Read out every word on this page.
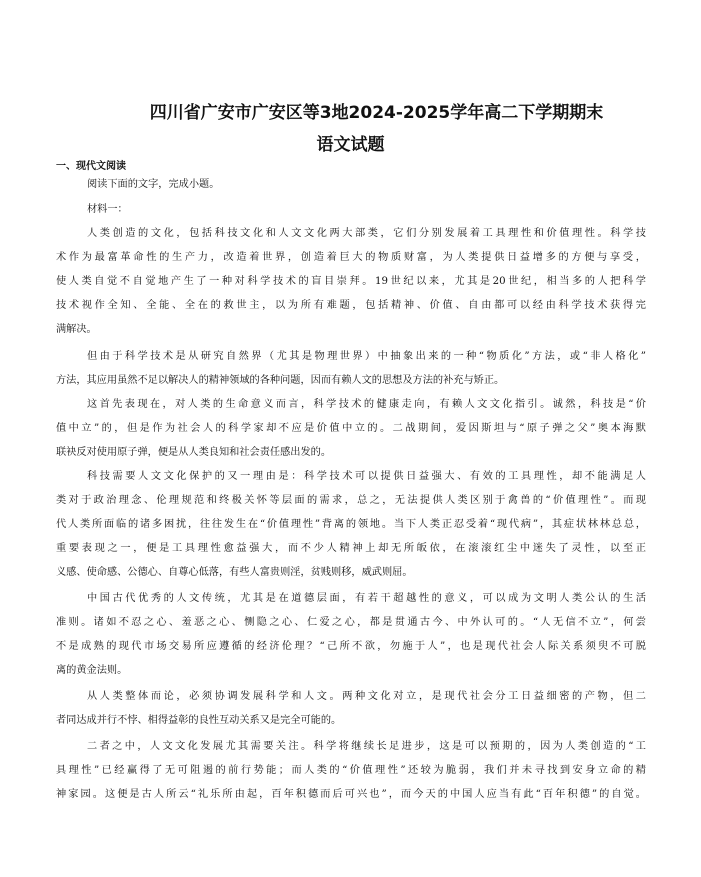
四川省广安市广安区等3地2024-2025学年高二下学期期末
语文试题
一、现代文阅读
阅读下面的文字，完成小题。
材料一：
人类创造的文化，包括科技文化和人文文化两大部类，它们分别发展着工具理性和价值理性。科学技
术作为最富革命性的生产力，改造着世界，创造着巨大的物质财富，为人类提供日益增多的方便与享受，
使人类自觉不自觉地产生了一种对科学技术的盲目崇拜。19世纪以来，尤其是20世纪，相当多的人把科学
技术视作全知、全能、全在的救世主，以为所有难题，包括精神、价值、自由都可以经由科学技术获得完
满解决。
但由于科学技术是从研究自然界（尤其是物理世界）中抽象出来的一种“物质化”方法，或“非人格化”
方法，其应用虽然不足以解决人的精神领域的各种问题，因而有赖人文的思想及方法的补充与矫正。
这首先表现在，对人类的生命意义而言，科学技术的健康走向，有赖人文文化指引。诚然，科技是“价
值中立”的，但是作为社会人的科学家却不应是价值中立的。二战期间，爱因斯坦与“原子弹之父”奥本海默
联袂反对使用原子弹，便是从人类良知和社会责任感出发的。
科技需要人文文化保护的又一理由是：科学技术可以提供日益强大、有效的工具理性，却不能满足人
类对于政治理念、伦理规范和终极关怀等层面的需求，总之，无法提供人类区别于禽兽的“价值理性”。而现
代人类所面临的诸多困扰，往往发生在“价值理性”背离的领地。当下人类正忍受着“现代病”，其症状林林总总，
重要表现之一，便是工具理性愈益强大，而不少人精神上却无所皈依，在滚滚红尘中迷失了灵性，以至正
义感、使命感、公德心、自尊心低落，有些人富贵则淫，贫贱则移，威武则屈。
中国古代优秀的人文传统，尤其是在道德层面，有若干超越性的意义，可以成为文明人类公认的生活
准则。诸如不忍之心、羞恶之心、恻隐之心、仁爱之心，都是贯通古今、中外认可的。“人无信不立”，何尝
不是成熟的现代市场交易所应遵循的经济伦理？“己所不欲，勿施于人”，也是现代社会人际关系须臾不可脱
离的黄金法则。
从人类整体而论，必须协调发展科学和人文。两种文化对立，是现代社会分工日益细密的产物，但二
者同达成并行不悖、相得益彰的良性互动关系又是完全可能的。
二者之中，人文文化发展尤其需要关注。科学将继续长足进步，这是可以预期的，因为人类创造的“工
具理性”已经赢得了无可阻遏的前行势能；而人类的“价值理性”还较为脆弱，我们并未寻找到安身立命的精
神家园。这便是古人所云“礼乐所由起，百年积德而后可兴也”，而今天的中国人应当有此“百年积德”的自觉。
